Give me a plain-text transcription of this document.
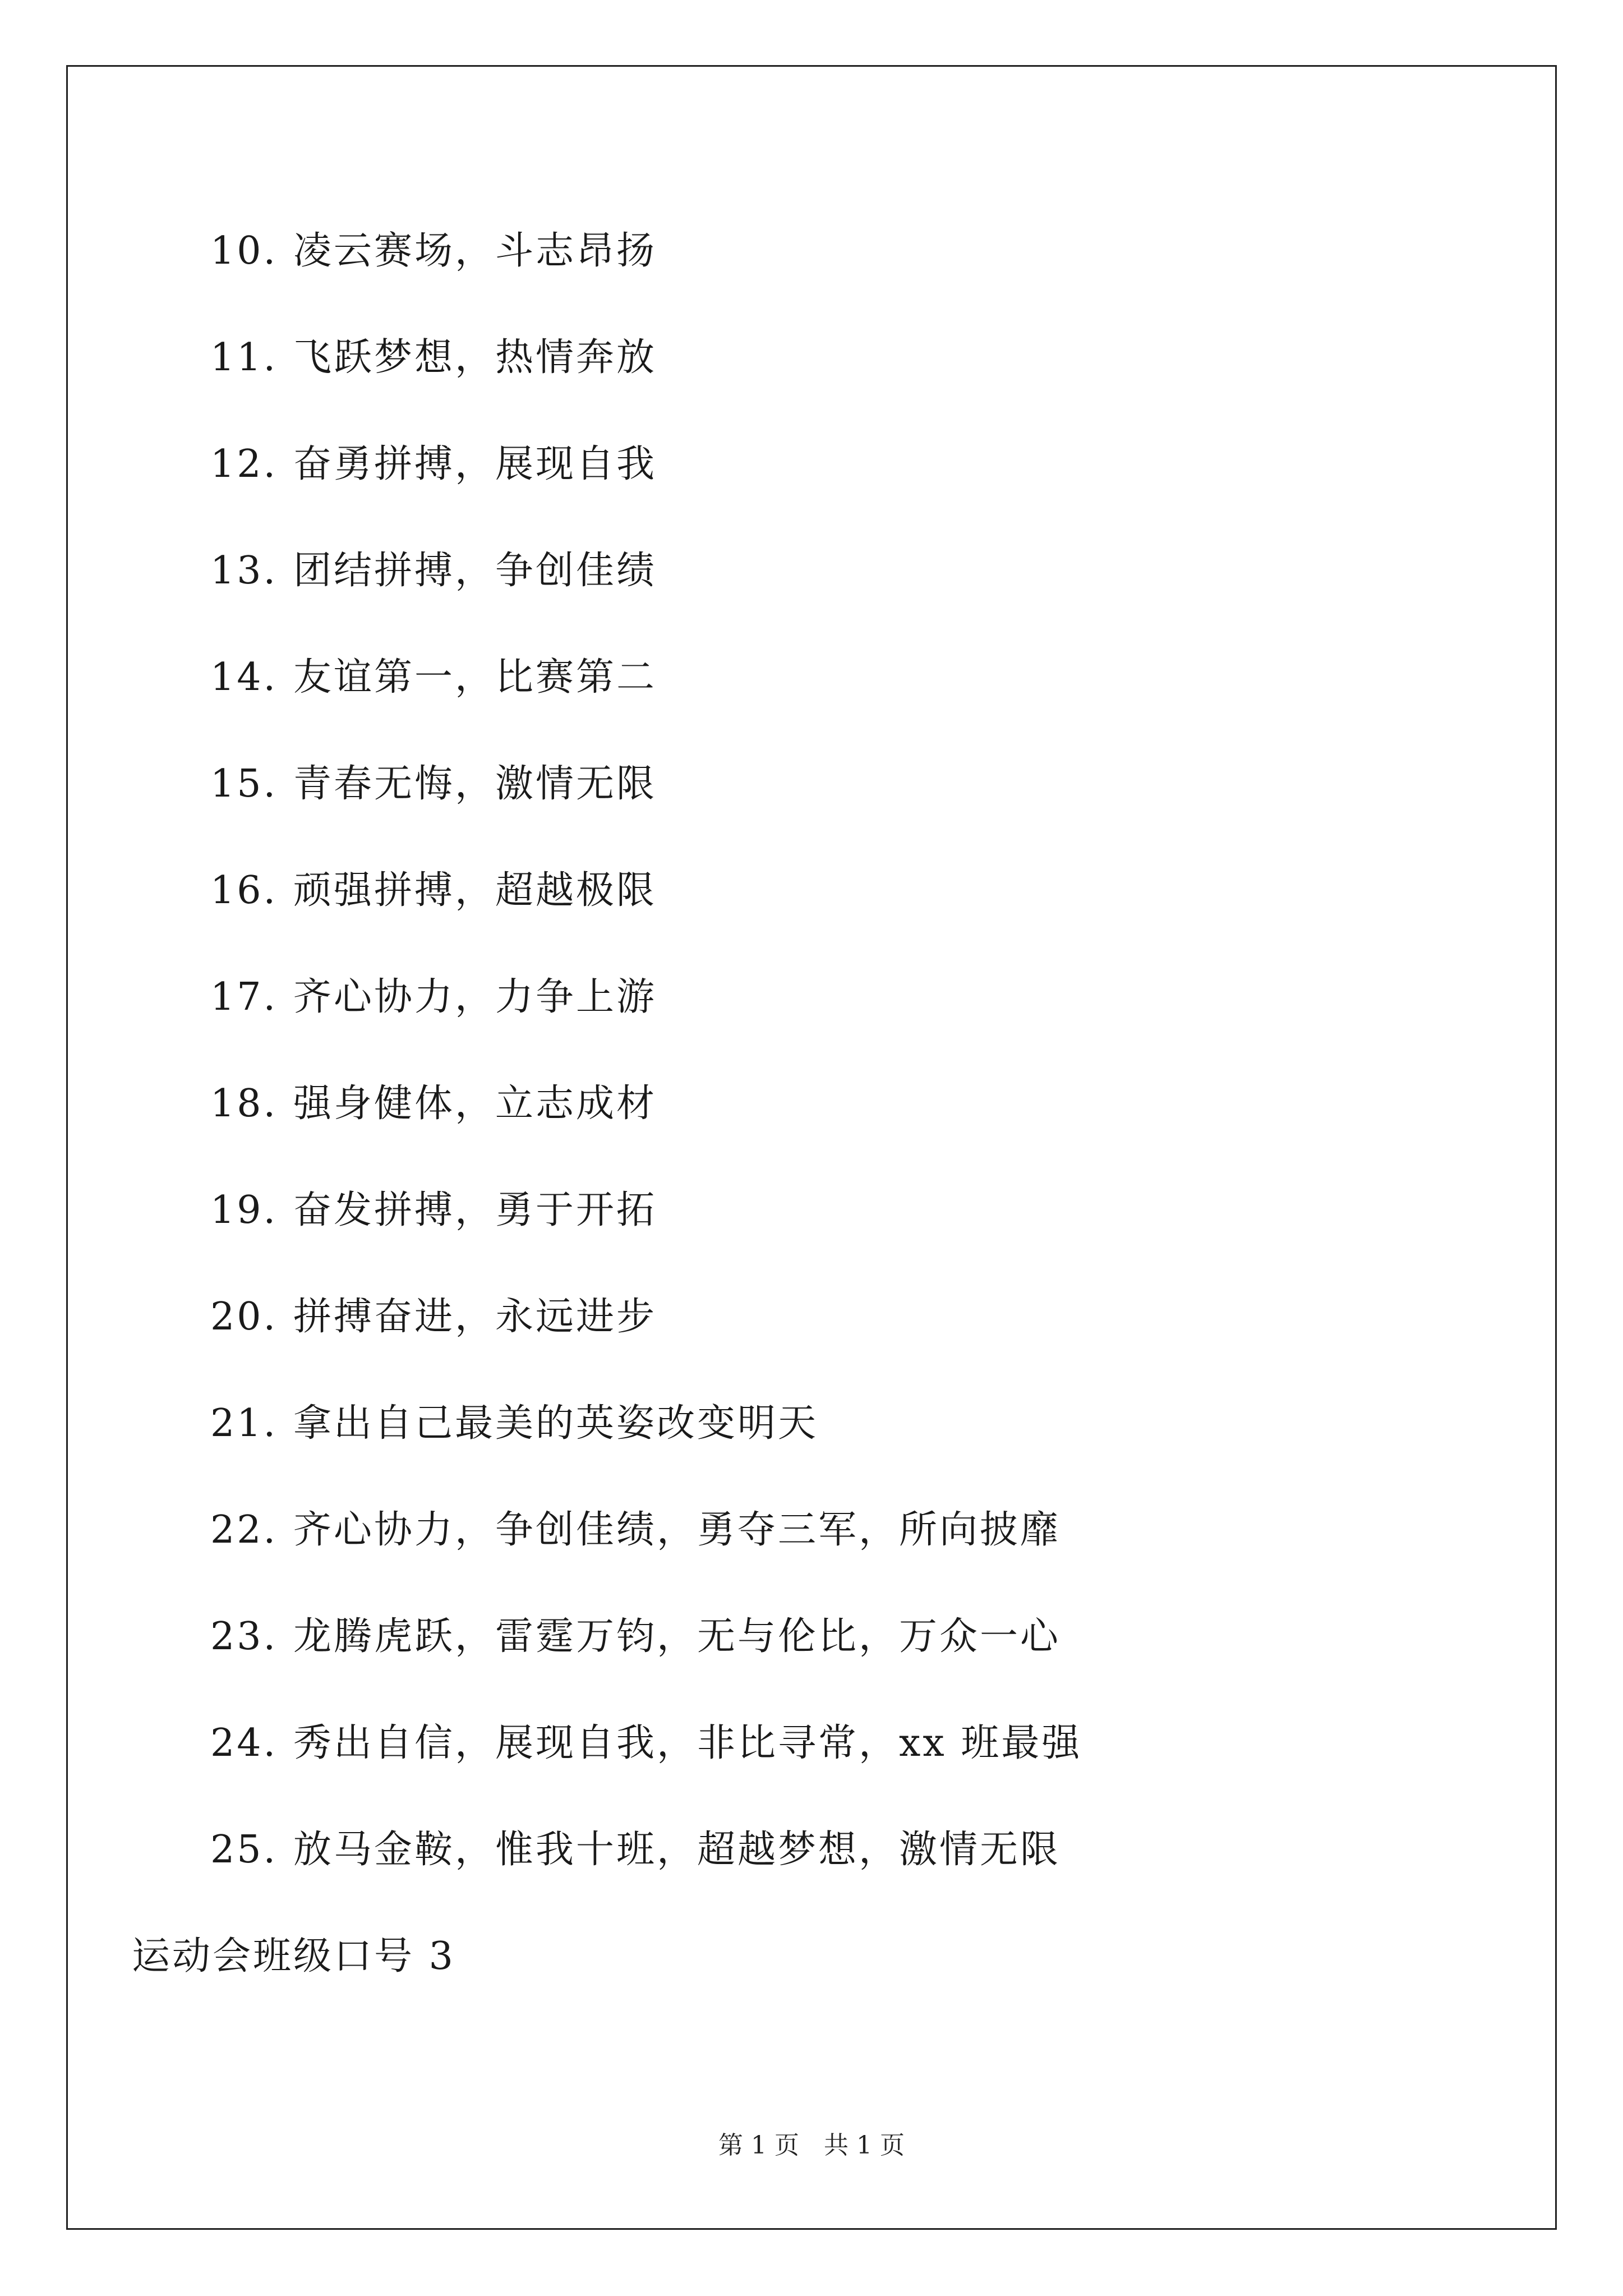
10. 凌云赛场，斗志昂扬
11. 飞跃梦想，热情奔放
12. 奋勇拼搏，展现自我
13. 团结拼搏，争创佳绩
14. 友谊第一，比赛第二
15. 青春无悔，激情无限
16. 顽强拼搏，超越极限
17. 齐心协力，力争上游
18. 强身健体，立志成材
19. 奋发拼搏，勇于开拓
20. 拼搏奋进，永远进步
21. 拿出自己最美的英姿改变明天
22. 齐心协力，争创佳绩，勇夺三军，所向披靡
23. 龙腾虎跃，雷霆万钧，无与伦比，万众一心
24. 秀出自信，展现自我，非比寻常，xx 班最强
25. 放马金鞍，惟我十班，超越梦想，激情无限
运动会班级口号 3
第 1 页　共 1 页
